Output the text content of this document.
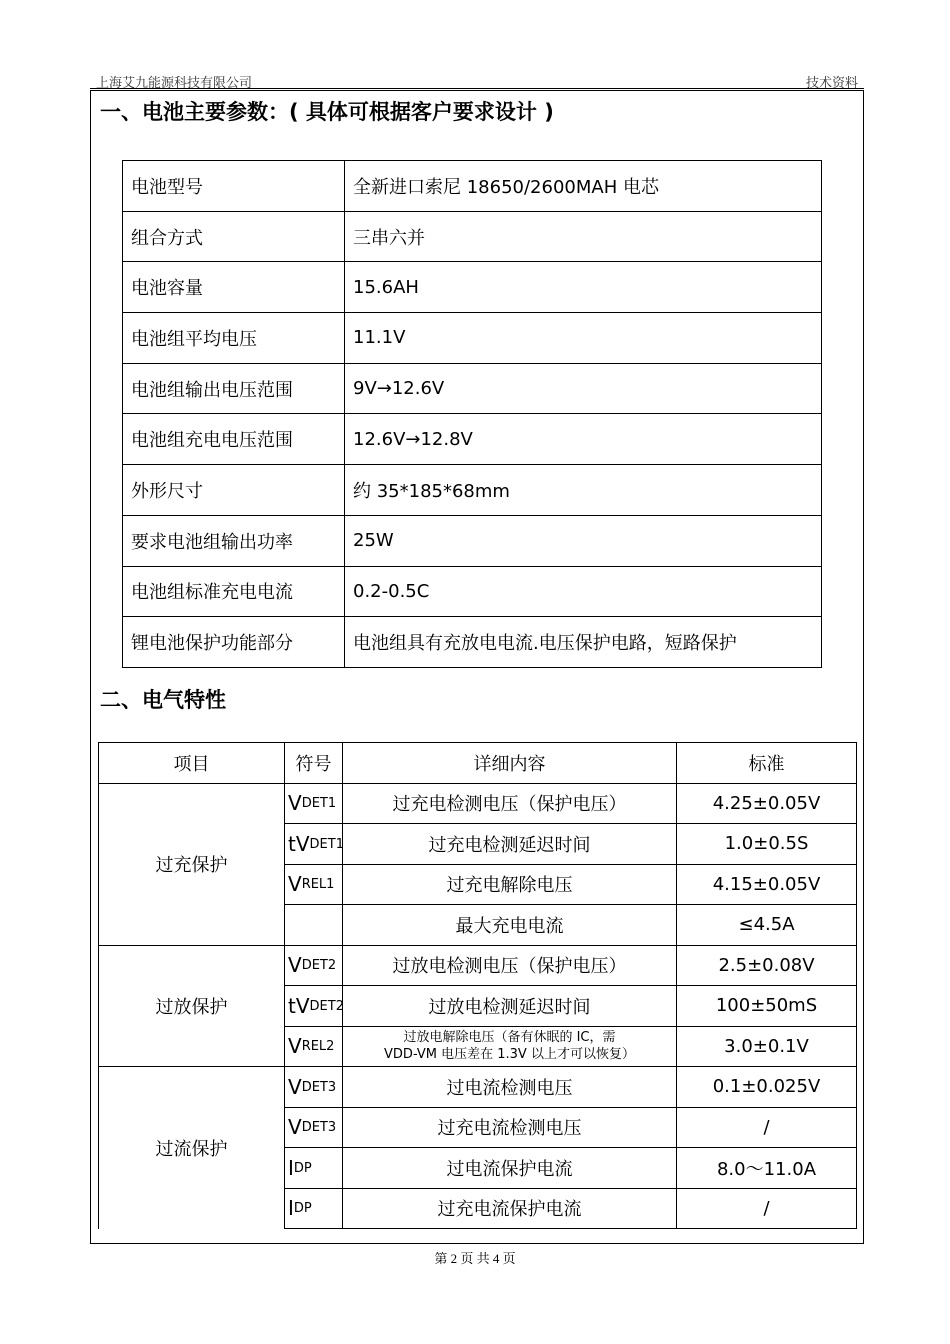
上海艾九能源科技有限公司	技术资料
一、电池主要参数：( 具体可根据客户要求设计 )
电池型号	全新进口索尼 18650/2600MAH 电芯
组合方式	三串六并
电池容量	15.6AH
电池组平均电压	11.1V
电池组输出电压范围	9V→12.6V
电池组充电电压范围	12.6V→12.8V
外形尺寸	约 35*185*68mm
要求电池组输出功率	25W
电池组标准充电电流	0.2-0.5C
锂电池保护功能部分	电池组具有充放电电流.电压保护电路，短路保护
二、电气特性
项目	符号	详细内容	标准
过充保护	VDET1	过充电检测电压（保护电压）	4.25±0.05V
	tVDET1	过充电检测延迟时间	1.0±0.5S
	VREL1	过充电解除电压	4.15±0.05V
		最大充电电流	≤4.5A
过放保护	VDET2	过放电检测电压（保护电压）	2.5±0.08V
	tVDET2	过放电检测延迟时间	100±50mS
	VREL2	过放电解除电压（备有休眠的 IC，需
VDD-VM 电压差在 1.3V 以上才可以恢复）	3.0±0.1V
过流保护	VDET3	过电流检测电压	0.1±0.025V
	VDET3	过充电流检测电压	/
	IDP	过电流保护电流	8.0～11.0A
	IDP	过充电流保护电流	/
第 2 页 共 4 页
